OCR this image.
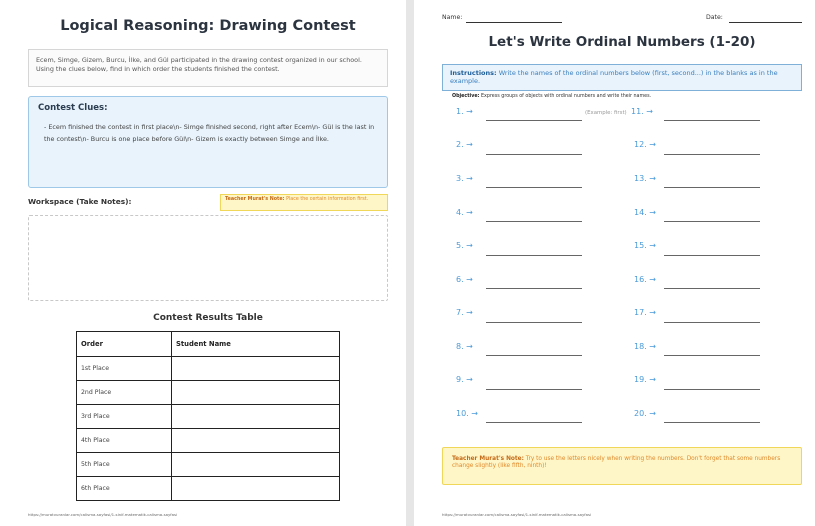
Logical Reasoning: Drawing Contest
Ecem, Simge, Gizem, Burcu, İlke, and Gül participated in the drawing contest organized in our school. Using the clues below, find in which order the students finished the contest.
Contest Clues:
- Ecem finished the contest in first place\n- Simge finished second, right after Ecem\n- Gül is the last in the contest\n- Burcu is one place before Gül\n- Gizem is exactly between Simge and İlke.
Workspace (Take Notes):	Teacher Murat's Note: Place the certain information first.
Contest Results Table
Order	Student Name
1st Place	
2nd Place	
3rd Place	
4th Place	
5th Place	
6th Place	
https://muratvuranlar.com/calisma-sayfasi/1-sinif-matematik-calisma-sayfasi
Name:	Date:
Let's Write Ordinal Numbers (1-20)
Instructions: Write the names of the ordinal numbers below (first, second...) in the blanks as in the example.
Objective: Express groups of objects with ordinal numbers and write their names.
1. →	(Example: first)
2. →
3. →
4. →
5. →
6. →
7. →
8. →
9. →
10. →
11. →
12. →
13. →
14. →
15. →
16. →
17. →
18. →
19. →
20. →
Teacher Murat's Note: Try to use the letters nicely when writing the numbers. Don't forget that some numbers change slightly (like fifth, ninth)!
https://muratvuranlar.com/calisma-sayfasi/1-sinif-matematik-calisma-sayfasi
